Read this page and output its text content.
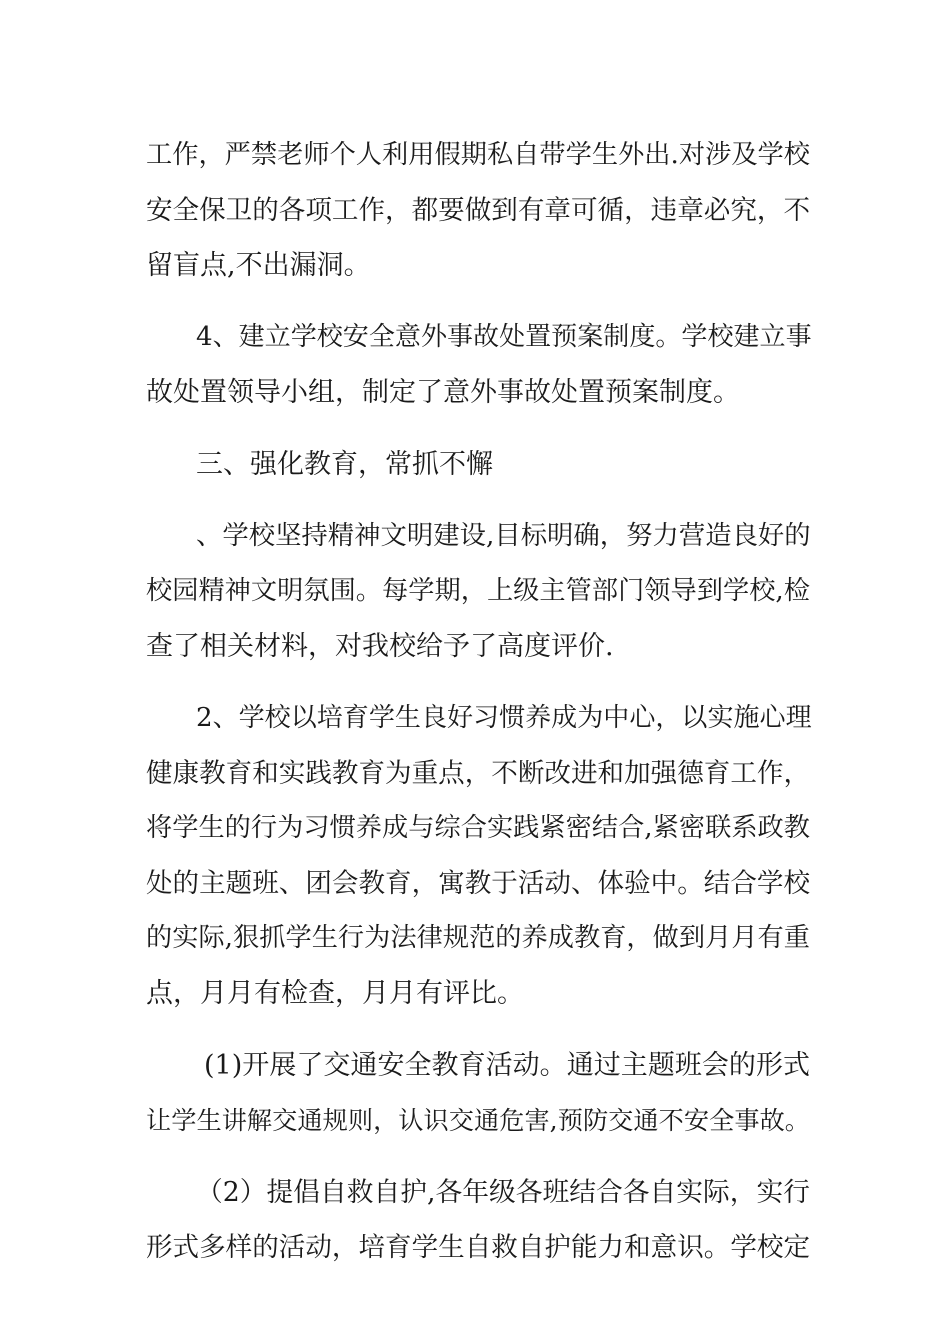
工作，严禁老师个人利用假期私自带学生外出.对涉及学校
安全保卫的各项工作，都要做到有章可循，违章必究，不
留盲点,不出漏洞。
4、建立学校安全意外事故处置预案制度。学校建立事
故处置领导小组，制定了意外事故处置预案制度。
三、强化教育，常抓不懈
、学校坚持精神文明建设,目标明确，努力营造良好的
校园精神文明氛围。每学期，上级主管部门领导到学校,检
查了相关材料，对我校给予了高度评价.
2、学校以培育学生良好习惯养成为中心，以实施心理
健康教育和实践教育为重点，不断改进和加强德育工作，
将学生的行为习惯养成与综合实践紧密结合,紧密联系政教
处的主题班、团会教育，寓教于活动、体验中。结合学校
的实际,狠抓学生行为法律规范的养成教育，做到月月有重
点，月月有检查，月月有评比。
(1)开展了交通安全教育活动。通过主题班会的形式
让学生讲解交通规则，认识交通危害,预防交通不安全事故。
（2）提倡自救自护,各年级各班结合各自实际，实行
形式多样的活动，培育学生自救自护能力和意识。学校定
